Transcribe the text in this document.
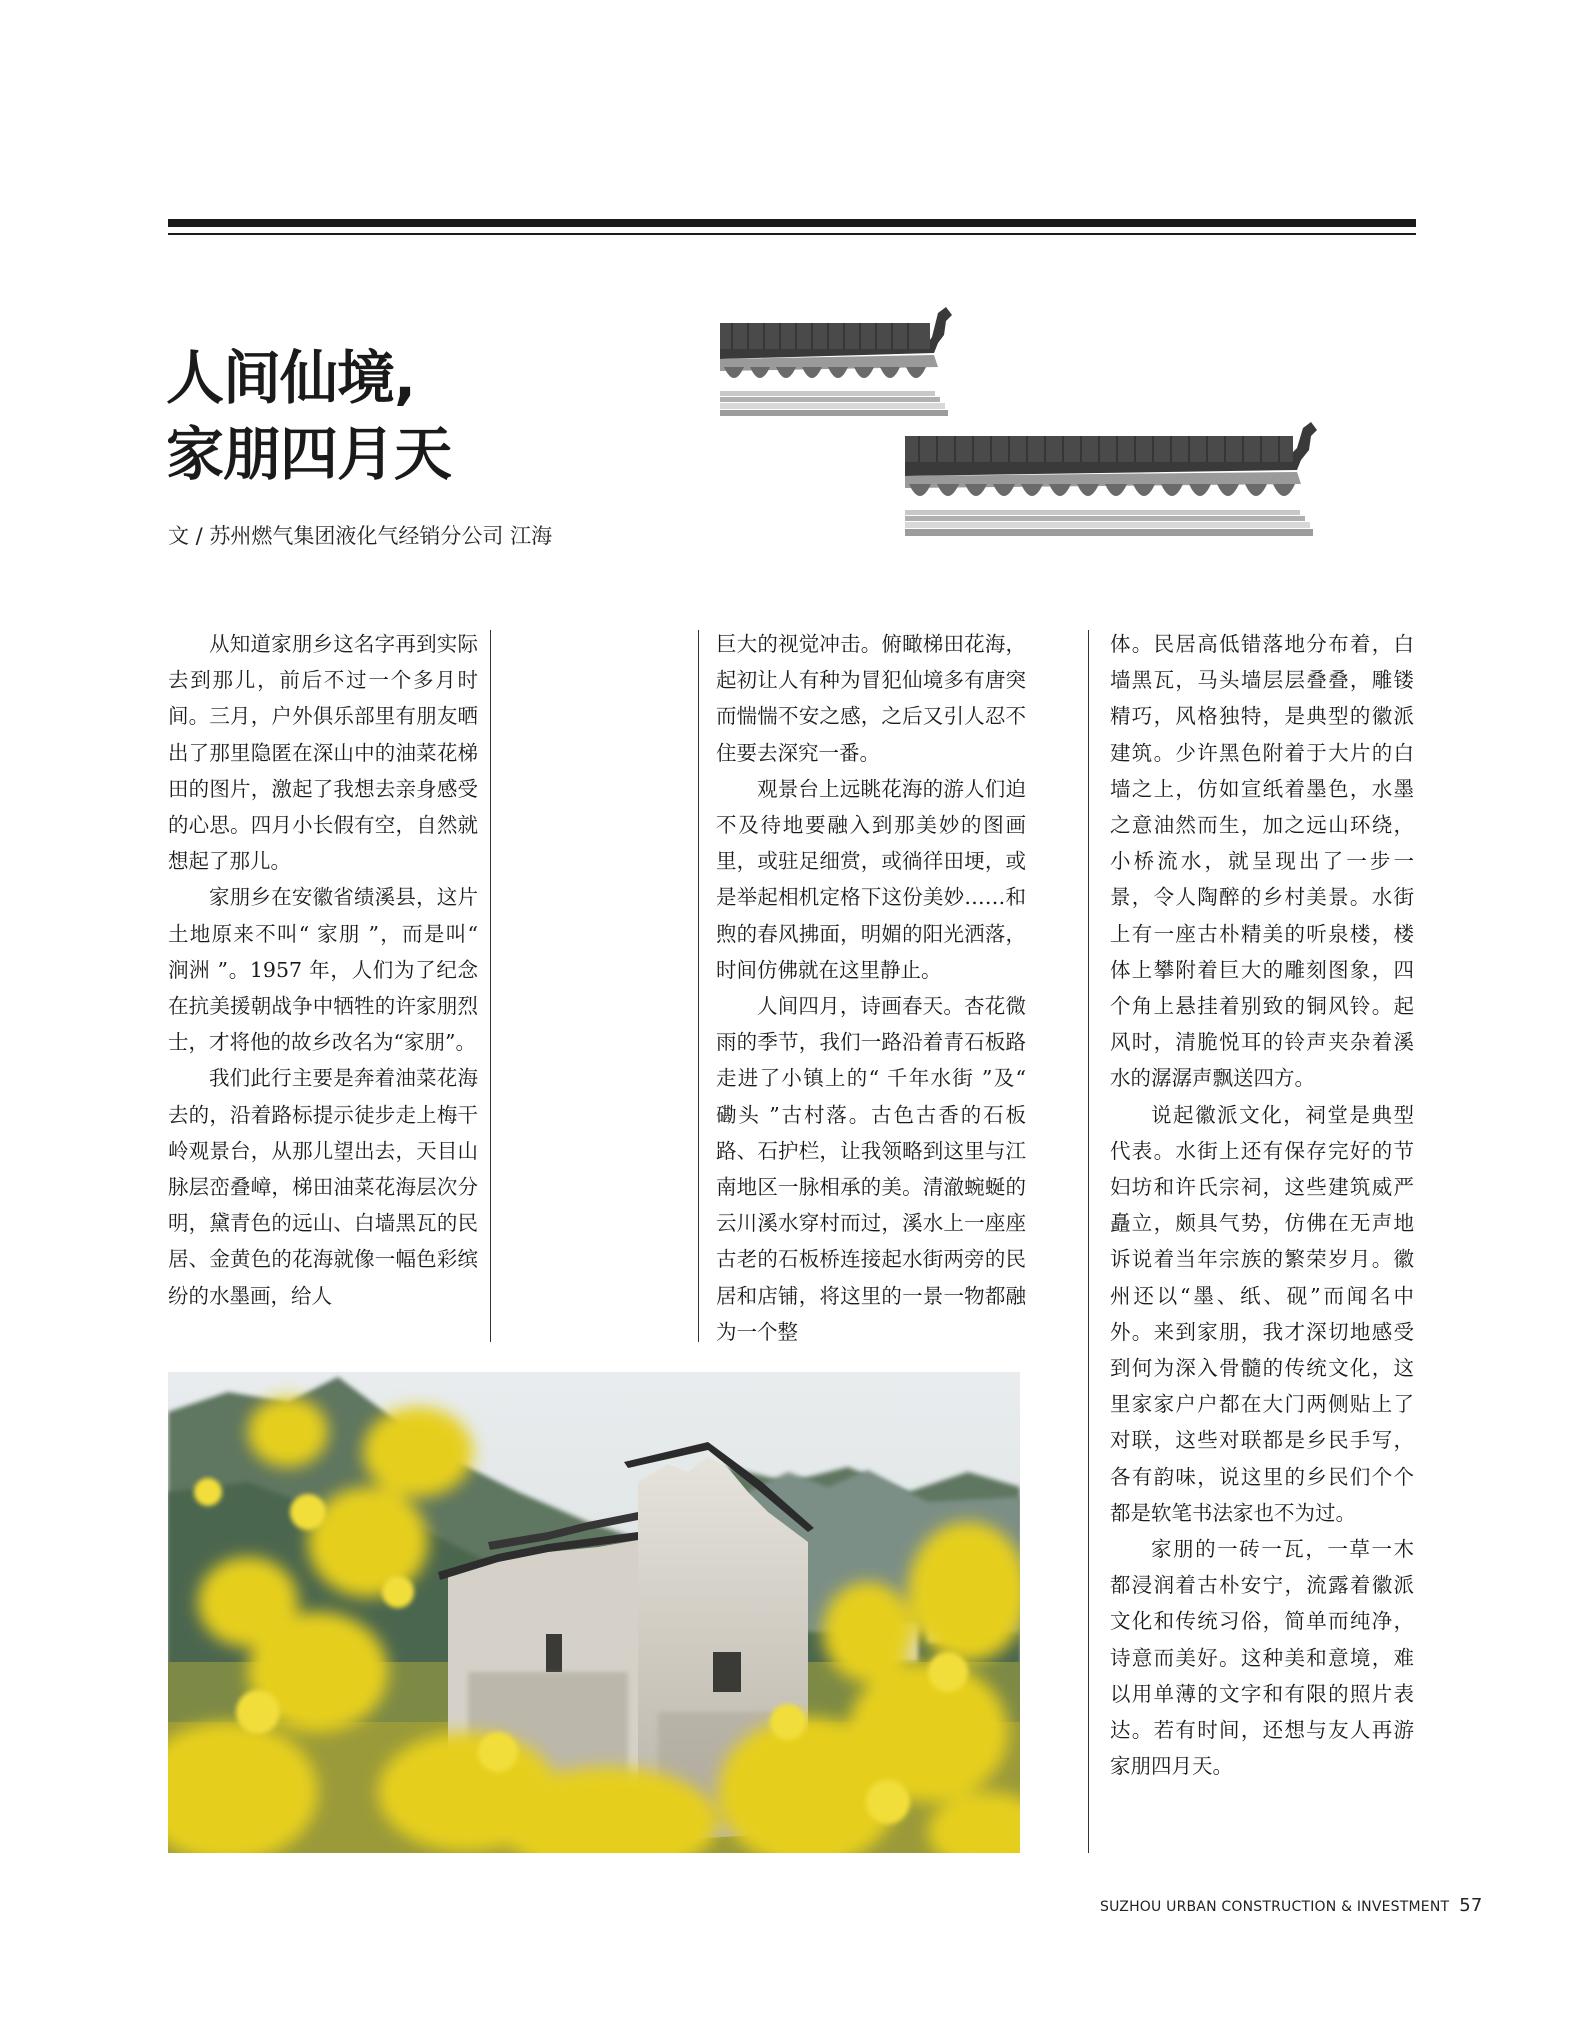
人间仙境,
家朋四月天
文 / 苏州燃气集团液化气经销分公司 江海

从知道家朋乡这名字再到实际去到那儿，前后不过一个多月时间。三月，户外俱乐部里有朋友晒出了那里隐匿在深山中的油菜花梯田的图片，激起了我想去亲身感受的心思。四月小长假有空，自然就想起了那儿。

家朋乡在安徽省绩溪县，这片土地原来不叫“ 家朋 ”，而是叫“ 涧洲 ”。1957 年，人们为了纪念在抗美援朝战争中牺牲的许家朋烈士，才将他的故乡改名为“家朋”。

我们此行主要是奔着油菜花海去的，沿着路标提示徒步走上梅干岭观景台，从那儿望出去，天目山脉层峦叠嶂，梯田油菜花海层次分明，黛青色的远山、白墙黑瓦的民居、金黄色的花海就像一幅色彩缤纷的水墨画，给人

巨大的视觉冲击。俯瞰梯田花海，起初让人有种为冒犯仙境多有唐突而惴惴不安之感，之后又引人忍不住要去深究一番。

观景台上远眺花海的游人们迫不及待地要融入到那美妙的图画里，或驻足细赏，或徜徉田埂，或是举起相机定格下这份美妙……和煦的春风拂面，明媚的阳光洒落，时间仿佛就在这里静止。

人间四月，诗画春天。杏花微雨的季节，我们一路沿着青石板路走进了小镇上的“ 千年水街 ”及“ 磡头 ”古村落。古色古香的石板路、石护栏，让我领略到这里与江南地区一脉相承的美。清澈蜿蜒的云川溪水穿村而过，溪水上一座座古老的石板桥连接起水街两旁的民居和店铺，将这里的一景一物都融为一个整

体。民居高低错落地分布着，白墙黑瓦，马头墙层层叠叠，雕镂精巧，风格独特，是典型的徽派建筑。少许黑色附着于大片的白墙之上，仿如宣纸着墨色，水墨之意油然而生，加之远山环绕，小桥流水，就呈现出了一步一景，令人陶醉的乡村美景。水街上有一座古朴精美的听泉楼，楼体上攀附着巨大的雕刻图象，四个角上悬挂着别致的铜风铃。起风时，清脆悦耳的铃声夹杂着溪水的潺潺声飘送四方。

说起徽派文化，祠堂是典型代表。水街上还有保存完好的节妇坊和许氏宗祠，这些建筑威严矗立，颇具气势，仿佛在无声地诉说着当年宗族的繁荣岁月。徽州还以“墨、纸、砚”而闻名中外。来到家朋，我才深切地感受到何为深入骨髓的传统文化，这里家家户户都在大门两侧贴上了对联，这些对联都是乡民手写，各有韵味，说这里的乡民们个个都是软笔书法家也不为过。

家朋的一砖一瓦，一草一木都浸润着古朴安宁，流露着徽派文化和传统习俗，简单而纯净，诗意而美好。这种美和意境，难以用单薄的文字和有限的照片表达。若有时间，还想与友人再游家朋四月天。

SUZHOU URBAN CONSTRUCTION & INVESTMENT 57
